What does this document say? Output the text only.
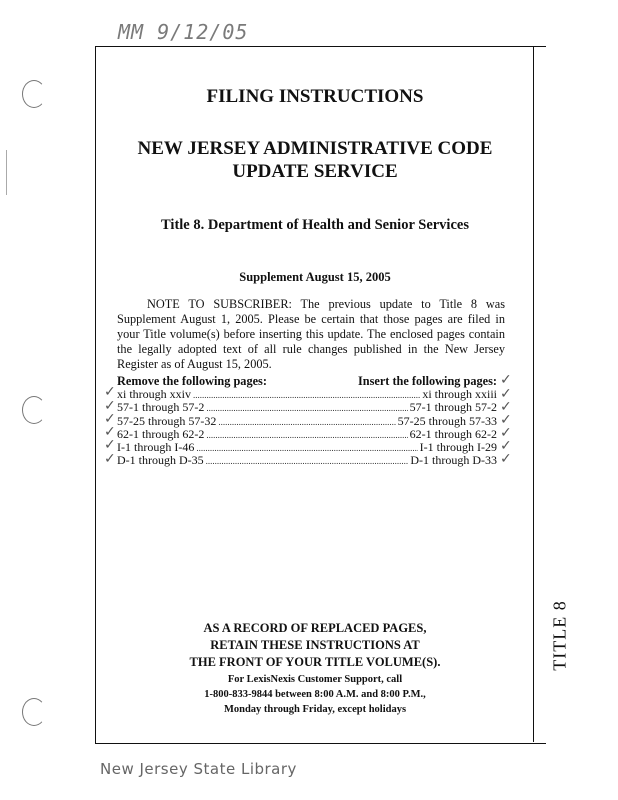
MM 9/12/05
TITLE 8
FILING INSTRUCTIONS
NEW JERSEY ADMINISTRATIVE CODE
UPDATE SERVICE
Title 8. Department of Health and Senior Services
Supplement August 15, 2005
NOTE TO SUBSCRIBER: The previous update to Title 8 was Supplement August 1, 2005. Please be certain that those pages are filed in your Title volume(s) before inserting this update. The enclosed pages contain the legally adopted text of all rule changes published in the New Jersey Register as of August 15, 2005.
Remove the following pages:	Insert the following pages:
xi through xxiv .....	xi through xxiii
57-1 through 57-2 .....	57-1 through 57-2
57-25 through 57-32 .....	57-25 through 57-33
62-1 through 62-2 .....	62-1 through 62-2
I-1 through I-46 .....	I-1 through I-29
D-1 through D-35 .....	D-1 through D-33
✓
✓
✓
✓
✓
✓
✓
✓
✓
✓
✓
✓
✓
AS A RECORD OF REPLACED PAGES,
RETAIN THESE INSTRUCTIONS AT
THE FRONT OF YOUR TITLE VOLUME(S).
For LexisNexis Customer Support, call
1-800-833-9844 between 8:00 A.M. and 8:00 P.M.,
Monday through Friday, except holidays
New Jersey State Library
